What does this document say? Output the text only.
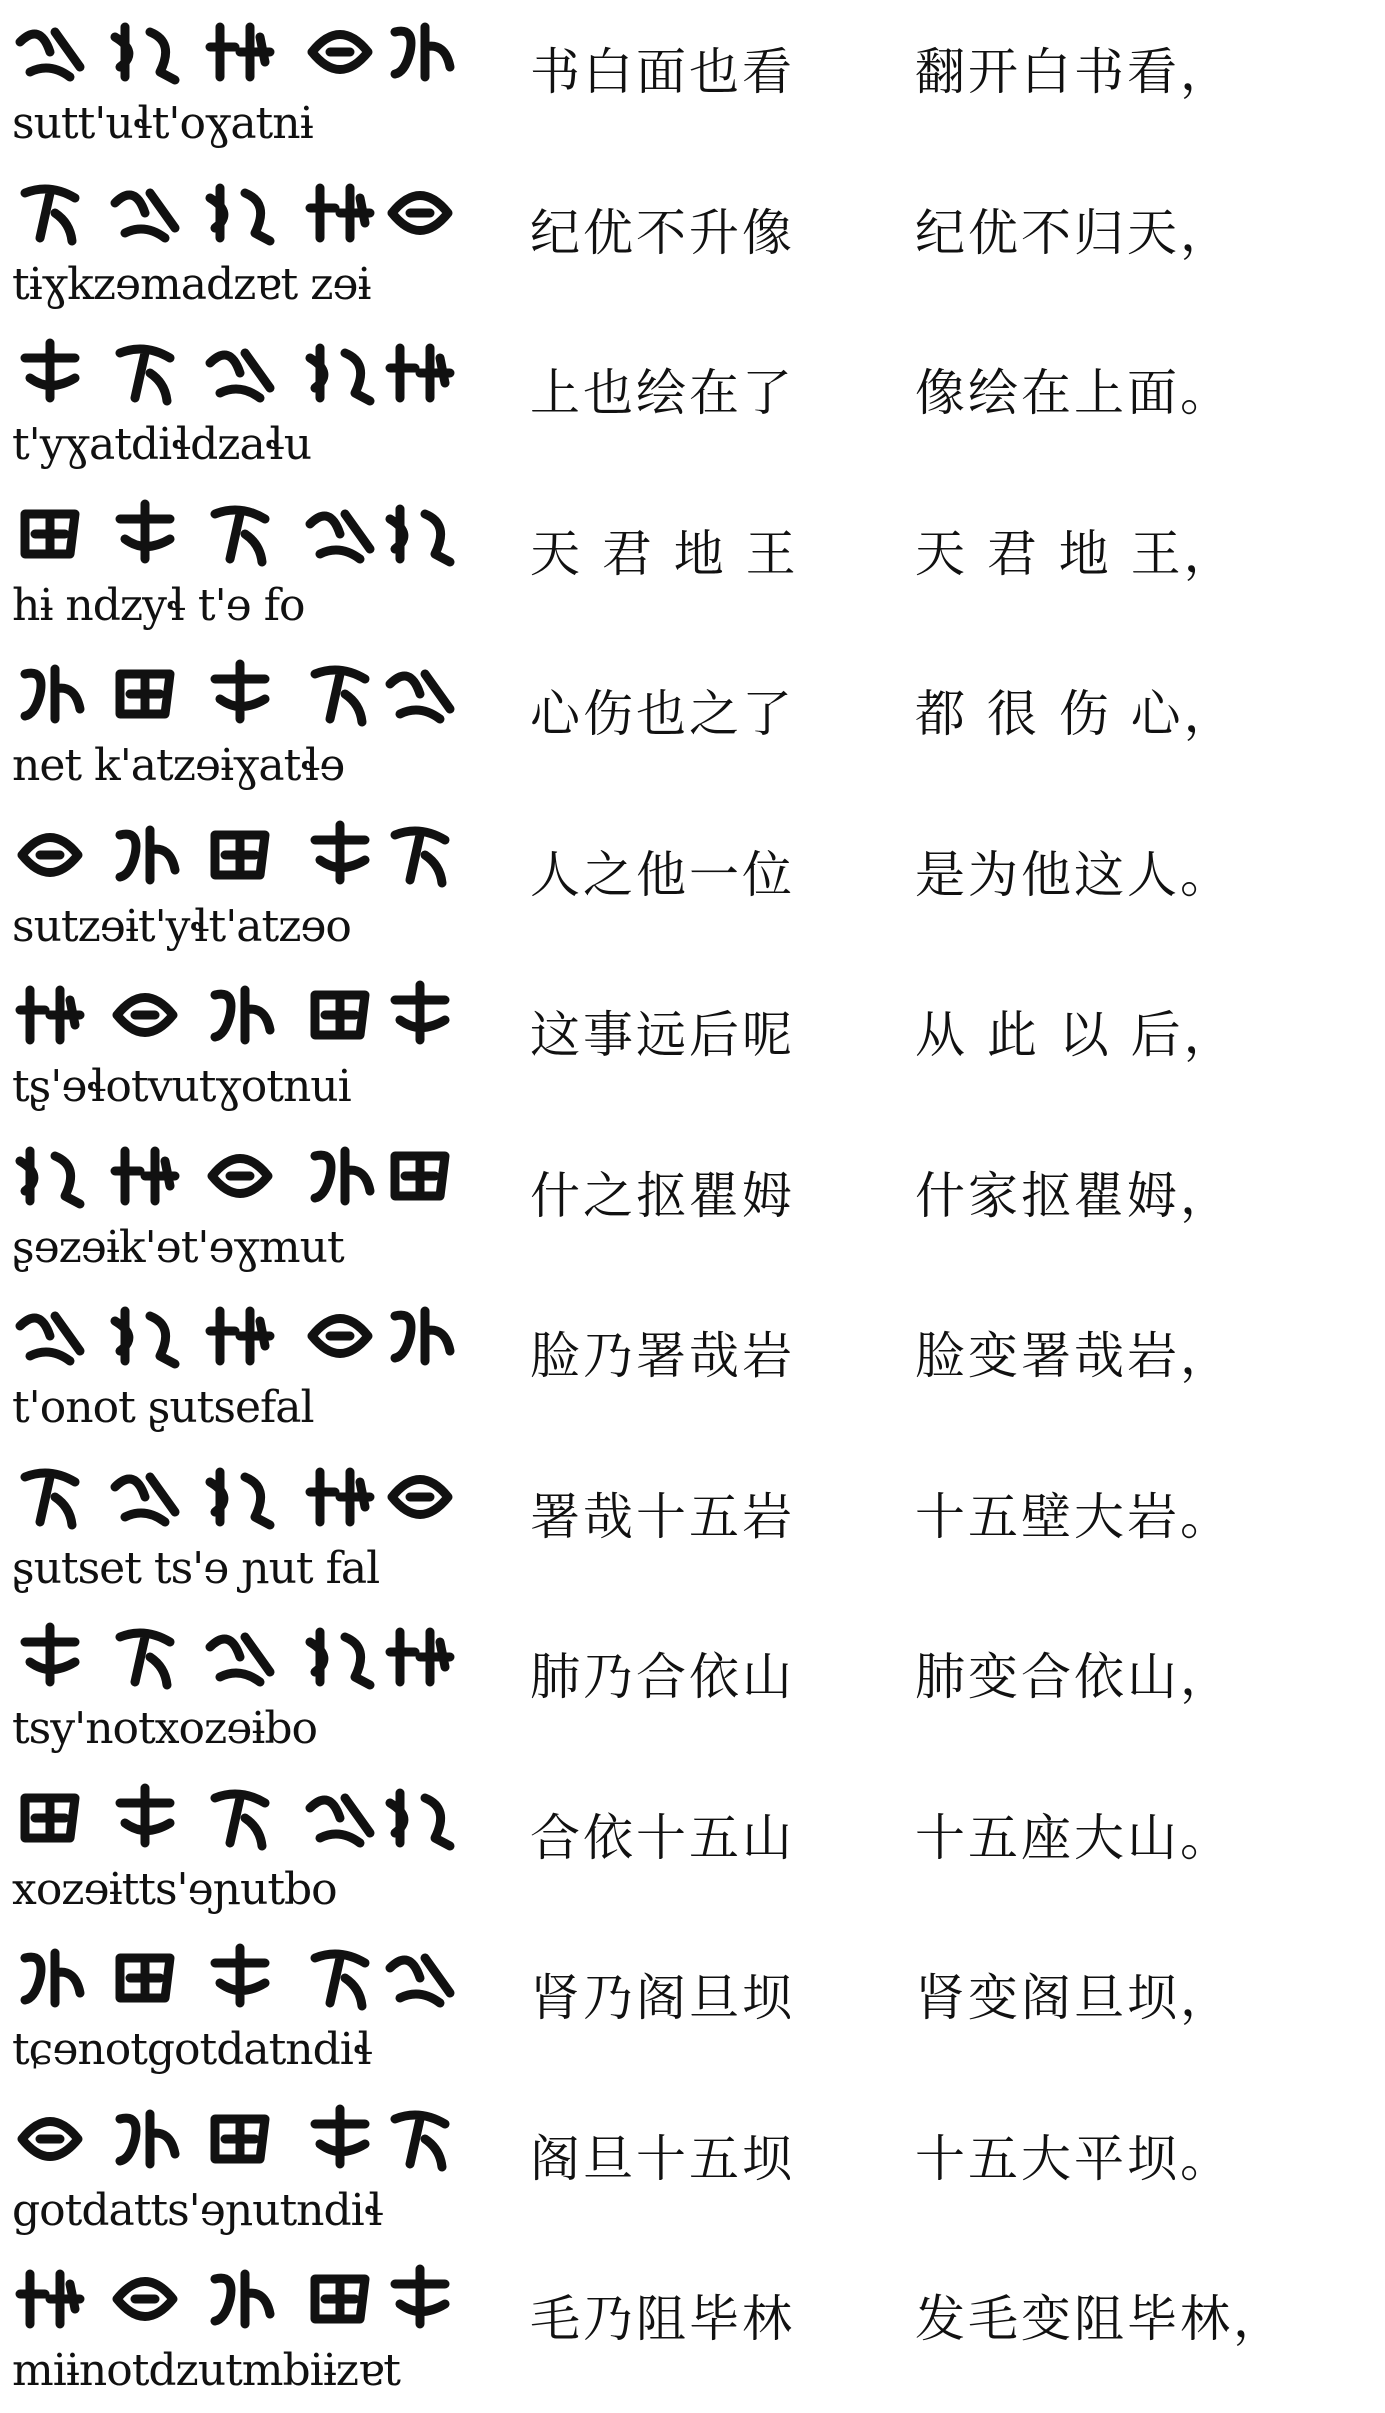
sutt'uɬt'oɣatnɨ
书白面也看 翻开白书看，
tɨɣkzɘmadzɐt zɘɨ
纪优不升像 纪优不归天，
t'yɣatdiɬdzaɬu
上也绘在了 像绘在上面。
hɨ ndzyɬ t'ɘ fo
天 君 地 王 天 君 地 王，
net k'atzɘɨɣatɬɘ
心伤也之了 都 很 伤 心，
sutzɘɨt'yɬt'atzɘo
人之他一位 是为他这人。
tʂ'ɘɬotvutɣotnui
这事远后呢 从 此 以 后，
ʂɘzɘɨk'ɘt'ɘɣmut
什之抠瞿姆 什家抠瞿姆，
t'onot ʂutsefal
脸乃署哉岩 脸变署哉岩，
ʂutset ts'ɘ ɲut fal
署哉十五岩 十五壁大岩。
tsy'notxozɘɨbo
肺乃合依山 肺变合依山，
xozɘɨtts'ɘɲutbo
合依十五山 十五座大山。
tɕɘnotgotdatndiɬ
肾乃阁旦坝 肾变阁旦坝，
gotdatts'ɘɲutndiɬ
阁旦十五坝 十五大平坝。
miɨnotdzutmbiɨzɐt
毛乃阻毕林 发毛变阻毕林，
